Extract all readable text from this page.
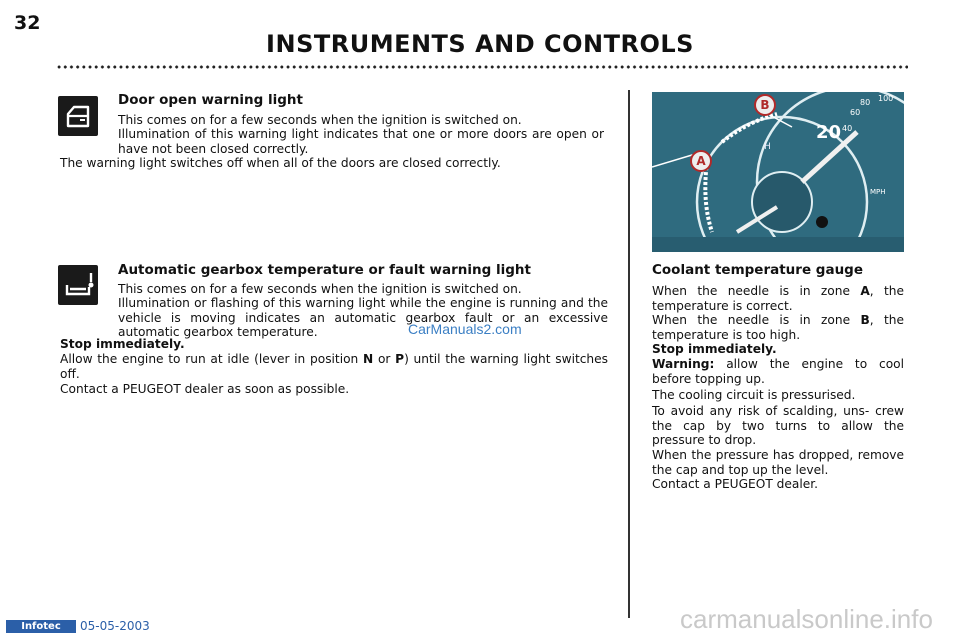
32
INSTRUMENTS AND CONTROLS
Door open warning light

This comes on for a few seconds when the ignition is switched on.

Illumination of this warning light indicates that one or more doors are open or have not been closed correctly.

The warning light switches off when all of the doors are closed correctly.

Automatic gearbox temperature or fault warning light

This comes on for a few seconds when the ignition is switched on.

Illumination or flashing of this warning light while the engine is running and the vehicle is moving indicates an automatic gearbox fault or an excessive automatic gearbox temperature.

Stop immediately.

Allow the engine to run at idle (lever in position N or P) until the warning light switches off.

Contact a PEUGEOT dealer as soon as possible.

CarManuals2.com
A
B
H
20 40
60
80 100
MPH
Coolant temperature gauge

When the needle is in zone A, the temperature is correct.

When the needle is in zone B, the temperature is too high.

Stop immediately.

Warning: allow the engine to cool before topping up.

The cooling circuit is pressurised.

To avoid any risk of scalding, uns- crew the cap by two turns to allow the pressure to drop.

When the pressure has dropped, remove the cap and top up the level.

Contact a PEUGEOT dealer.

Infotec	05-05-2003	carmanualsonline.info
